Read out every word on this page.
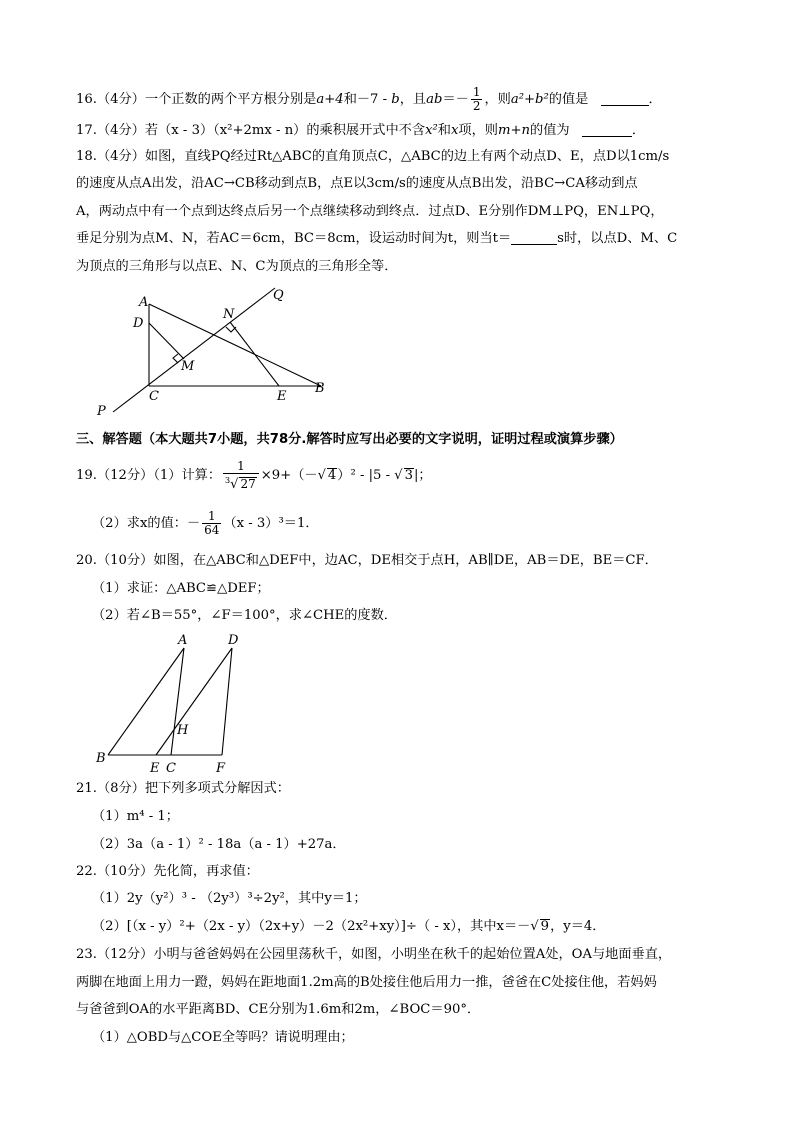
16.（4分）一个正数的两个平方根分别是a+4和－7 - b，且$ab=- \frac{1}{2}$ ，则a²+b²的值是	．
17.（4分）若（x - 3）（x²+2mx - n）的乘积展开式中不含x²和x项，则m+n的值为	．
18.（4分）如图，直线PQ经过Rt△ABC的直角顶点C，△ABC的边上有两个动点D、E，点D以1cm/s
的速度从点A出发，沿AC→CB移动到点B，点E以3cm/s的速度从点B出发，沿BC→CA移动到点
A，两动点中有一个点到达终点后另一个点继续移动到终点．过点D、E分别作DM⊥PQ，EN⊥PQ，
垂足分别为点M、N，若AC＝6cm，BC＝8cm，设运动时间为t，则当t＝	s时，以点D、M、C
为顶点的三角形与以点E、N、C为顶点的三角形全等．
A
D
M
N
Q
C	E
B
P
三、解答题（本大题共7小题，共78分.解答时应写出必要的文字说明，证明过程或演算步骤）
19.（12分）（1）计算： $\frac{1}{^3√ 27} \times 9+(-√$ 4）² - |5 - √ 3|；
（2）求x的值：－ $\frac{1}{64} (x - 3)^3=1$．
20.（10分）如图，在△ABC和△DEF中，边AC，DE相交于点H，AB∥DE，AB＝DE，BE＝CF．
（1）求证：△ABC≌△DEF；
（2）若∠B＝55°，∠F＝100°，求∠CHE的度数．
A	D
H
B
E C	F
21.（8分）把下列多项式分解因式：
（1）m⁴ - 1；
（2）3a（a - 1）² - 18a（a - 1）+27a．
22.（10分）先化简，再求值：
（1）2y（y²）³ - （2y³）³÷2y²，其中y＝1；
（2）[（x - y）²+（2x - y）（2x+y）－2（2x²+xy）]÷（ - x），其中x＝－√ 9，y＝4．
23.（12分）小明与爸爸妈妈在公园里荡秋千，如图，小明坐在秋千的起始位置A处，OA与地面垂直，
两脚在地面上用力一蹬，妈妈在距地面1.2m高的B处接住他后用力一推，爸爸在C处接住他，若妈妈
与爸爸到OA的水平距离BD、CE分别为1.6m和2m，∠BOC＝90°．
（1）△OBD与△COE全等吗？请说明理由；
